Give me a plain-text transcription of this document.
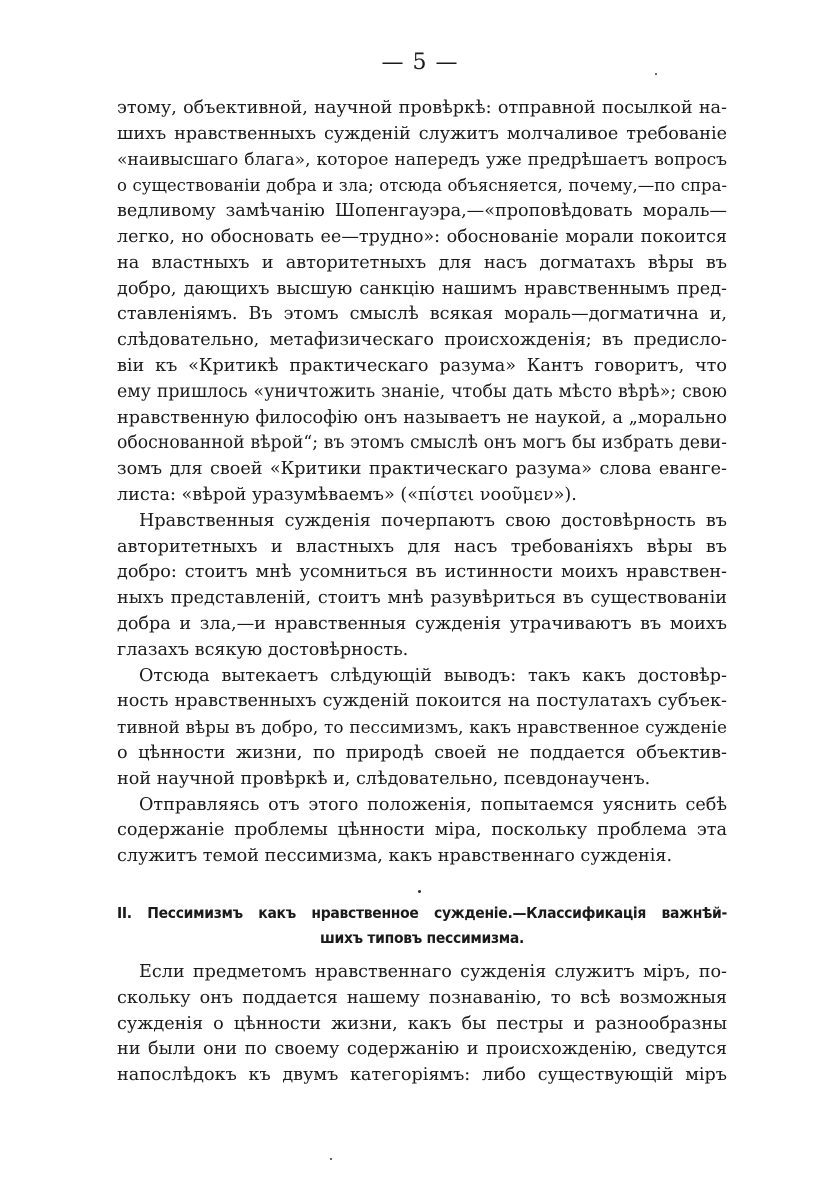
— 5 —
этому, объективной, научной провѣркѣ: отправной посылкой на-
шихъ нравственныхъ сужденій служитъ молчаливое требованіе
«наивысшаго блага», которое напередъ уже предрѣшаетъ вопросъ
о существованіи добра и зла; отсюда объясняется, почему,—по спра-
ведливому замѣчанію Шопенгауэра,—«проповѣдовать мораль—
легко, но обосновать ее—трудно»: обоснованіе морали покоится
на властныхъ и авторитетныхъ для насъ догматахъ вѣры въ
добро, дающихъ высшую санкцію нашимъ нравственнымъ пред-
ставленіямъ. Въ этомъ смыслѣ всякая мораль—догматична и,
слѣдовательно, метафизическаго происхожденія; въ предисло-
віи къ «Критикѣ практическаго разума» Кантъ говоритъ, что
ему пришлось «уничтожить знаніе, чтобы дать мѣсто вѣрѣ»; свою
нравственную философію онъ называетъ не наукой, а „морально
обоснованной вѣрой“; въ этомъ смыслѣ онъ могъ бы избрать деви-
зомъ для своей «Критики практическаго разума» слова еванге-
листа: «вѣрой уразумѣваемъ» («πίστει νοοῦμεν»).
Нравственныя сужденія почерпаютъ свою достовѣрность въ
авторитетныхъ и властныхъ для насъ требованіяхъ вѣры въ
добро: стоитъ мнѣ усомниться въ истинности моихъ нравствен-
ныхъ представленій, стоитъ мнѣ разувѣриться въ существованіи
добра и зла,—и нравственныя сужденія утрачиваютъ въ моихъ
глазахъ всякую достовѣрность.
Отсюда вытекаетъ слѣдующій выводъ: такъ какъ достовѣр-
ность нравственныхъ сужденій покоится на постулатахъ субъек-
тивной вѣры въ добро, то пессимизмъ, какъ нравственное сужденіе
о цѣнности жизни, по природѣ своей не поддается объектив-
ной научной провѣркѣ и, слѣдовательно, псевдонаученъ.
Отправляясь отъ этого положенія, попытаемся уяснить себѣ
содержаніе проблемы цѣнности міра, поскольку проблема эта
служитъ темой пессимизма, какъ нравственнаго сужденія.
II. Пессимизмъ какъ нравственное сужденіе.—Классификація важнѣй-
шихъ типовъ пессимизма.
Если предметомъ нравственнаго сужденія служитъ міръ, по-
скольку онъ поддается нашему познаванію, то всѣ возможныя
сужденія о цѣнности жизни, какъ бы пестры и разнообразны
ни были они по своему содержанію и происхожденію, сведутся
напослѣдокъ къ двумъ категоріямъ: либо существующій міръ
